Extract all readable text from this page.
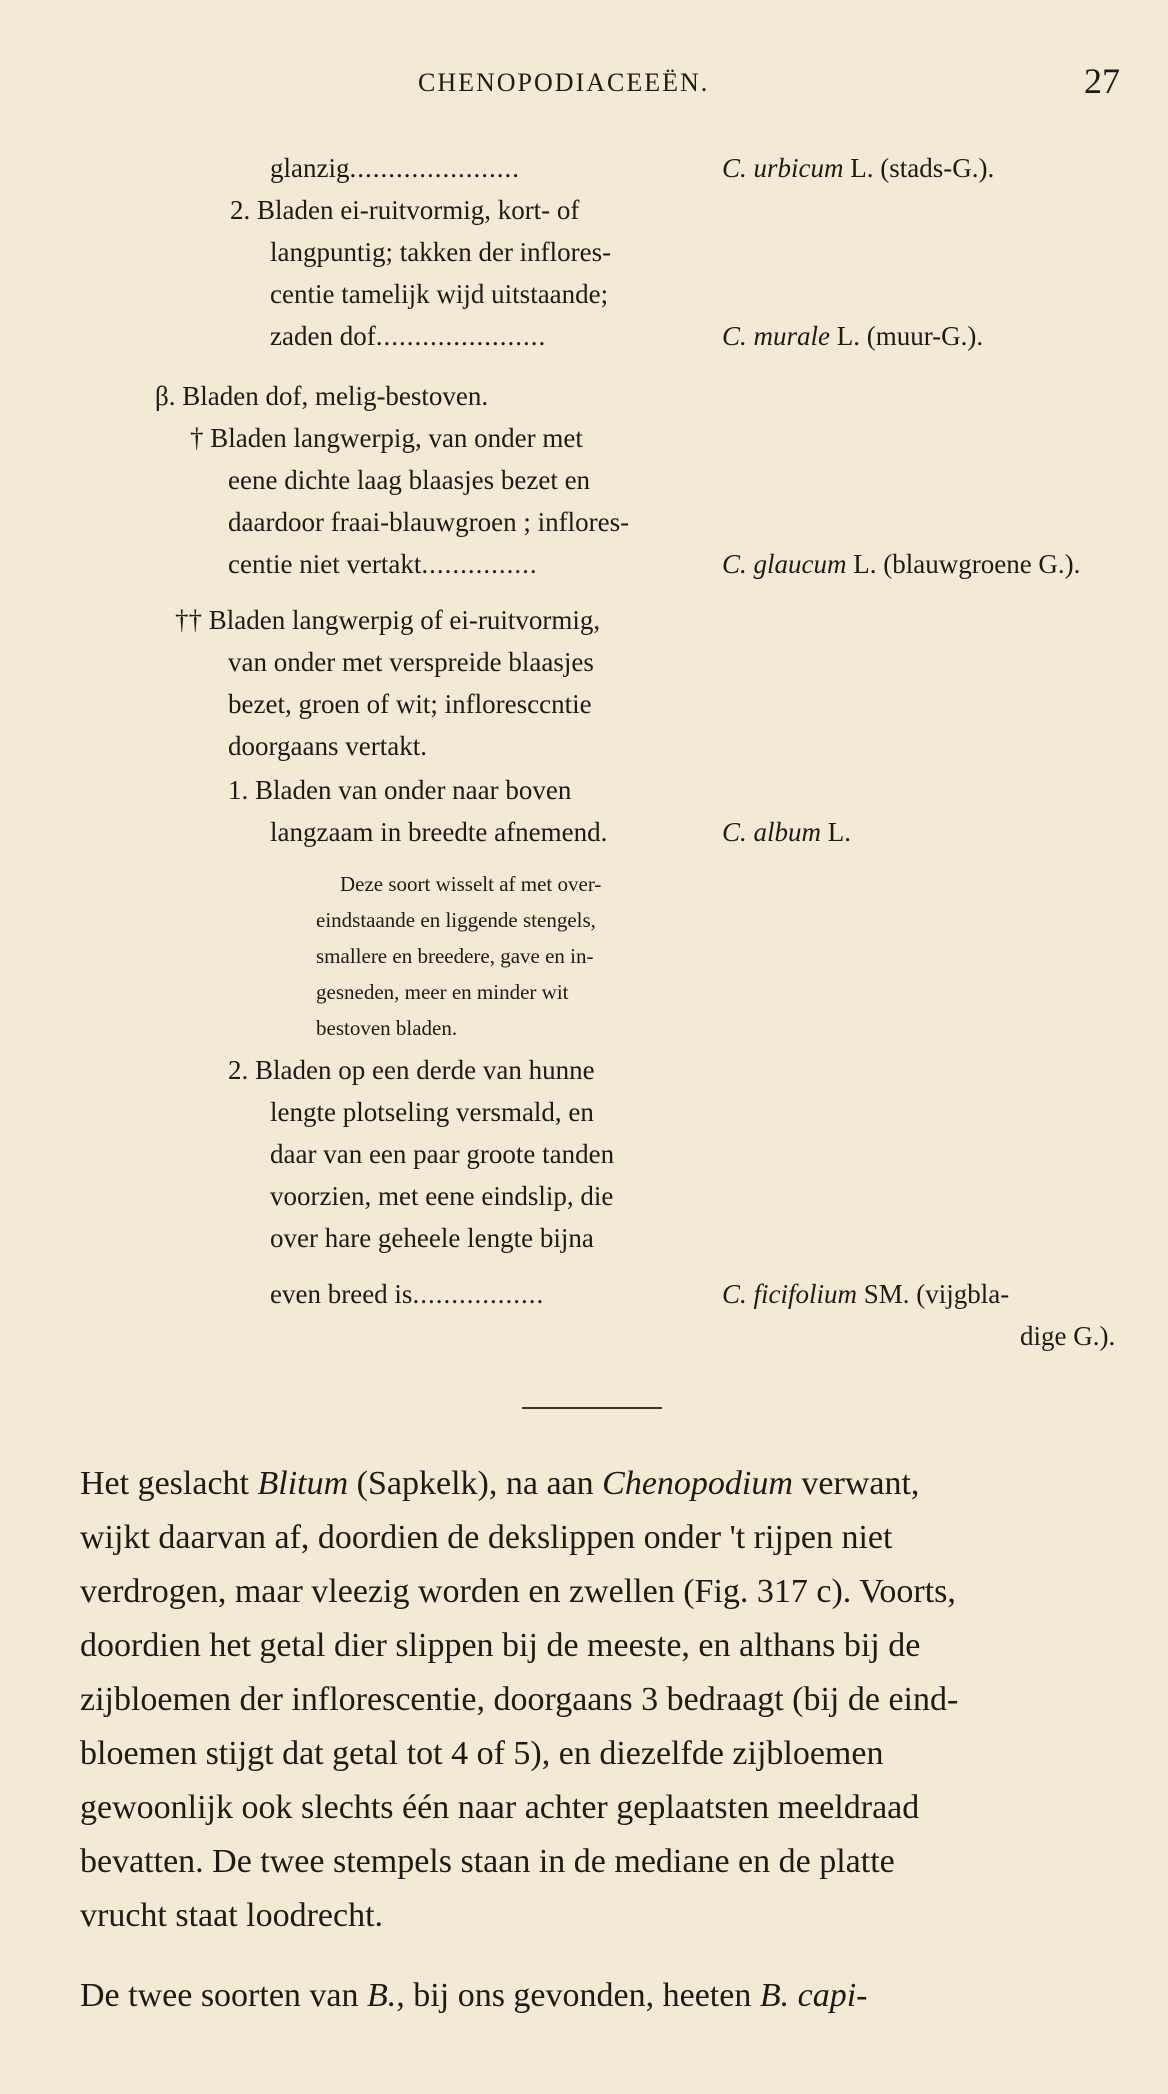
CHENOPODIACEEËN.	27
glanzig......................	C. urbicum L. (stads-G.).
2. Bladen ei-ruitvormig, kort- of
langpuntig; takken der inflores-
centie tamelijk wijd uitstaande;
zaden dof......................	C. murale L. (muur-G.).
β. Bladen dof, melig-bestoven.
† Bladen langwerpig, van onder met
eene dichte laag blaasjes bezet en
daardoor fraai-blauwgroen ; inflores-
centie niet vertakt...............	C. glaucum L. (blauwgroene G.).
†† Bladen langwerpig of ei-ruitvormig,
van onder met verspreide blaasjes
bezet, groen of wit; infloresccntie
doorgaans vertakt.
1. Bladen van onder naar boven
langzaam in breedte afnemend.	C. album L.
Deze soort wisselt af met over-
eindstaande en liggende stengels,
smallere en breedere, gave en in-
gesneden, meer en minder wit
bestoven bladen.
2. Bladen op een derde van hunne
lengte plotseling versmald, en
daar van een paar groote tanden
voorzien, met eene eindslip, die
over hare geheele lengte bijna
even breed is.................	C. ficifolium SM. (vijgbla-
dige G.).
Het geslacht Blitum (Sapkelk), na aan Chenopodium verwant,
wijkt daarvan af, doordien de dekslippen onder 't rijpen niet
verdrogen, maar vleezig worden en zwellen (Fig. 317 c). Voorts,
doordien het getal dier slippen bij de meeste, en althans bij de
zijbloemen der inflorescentie, doorgaans 3 bedraagt (bij de eind-
bloemen stijgt dat getal tot 4 of 5), en diezelfde zijbloemen
gewoonlijk ook slechts één naar achter geplaatsten meeldraad
bevatten. De twee stempels staan in de mediane en de platte
vrucht staat loodrecht.
De twee soorten van B., bij ons gevonden, heeten B. capi-
